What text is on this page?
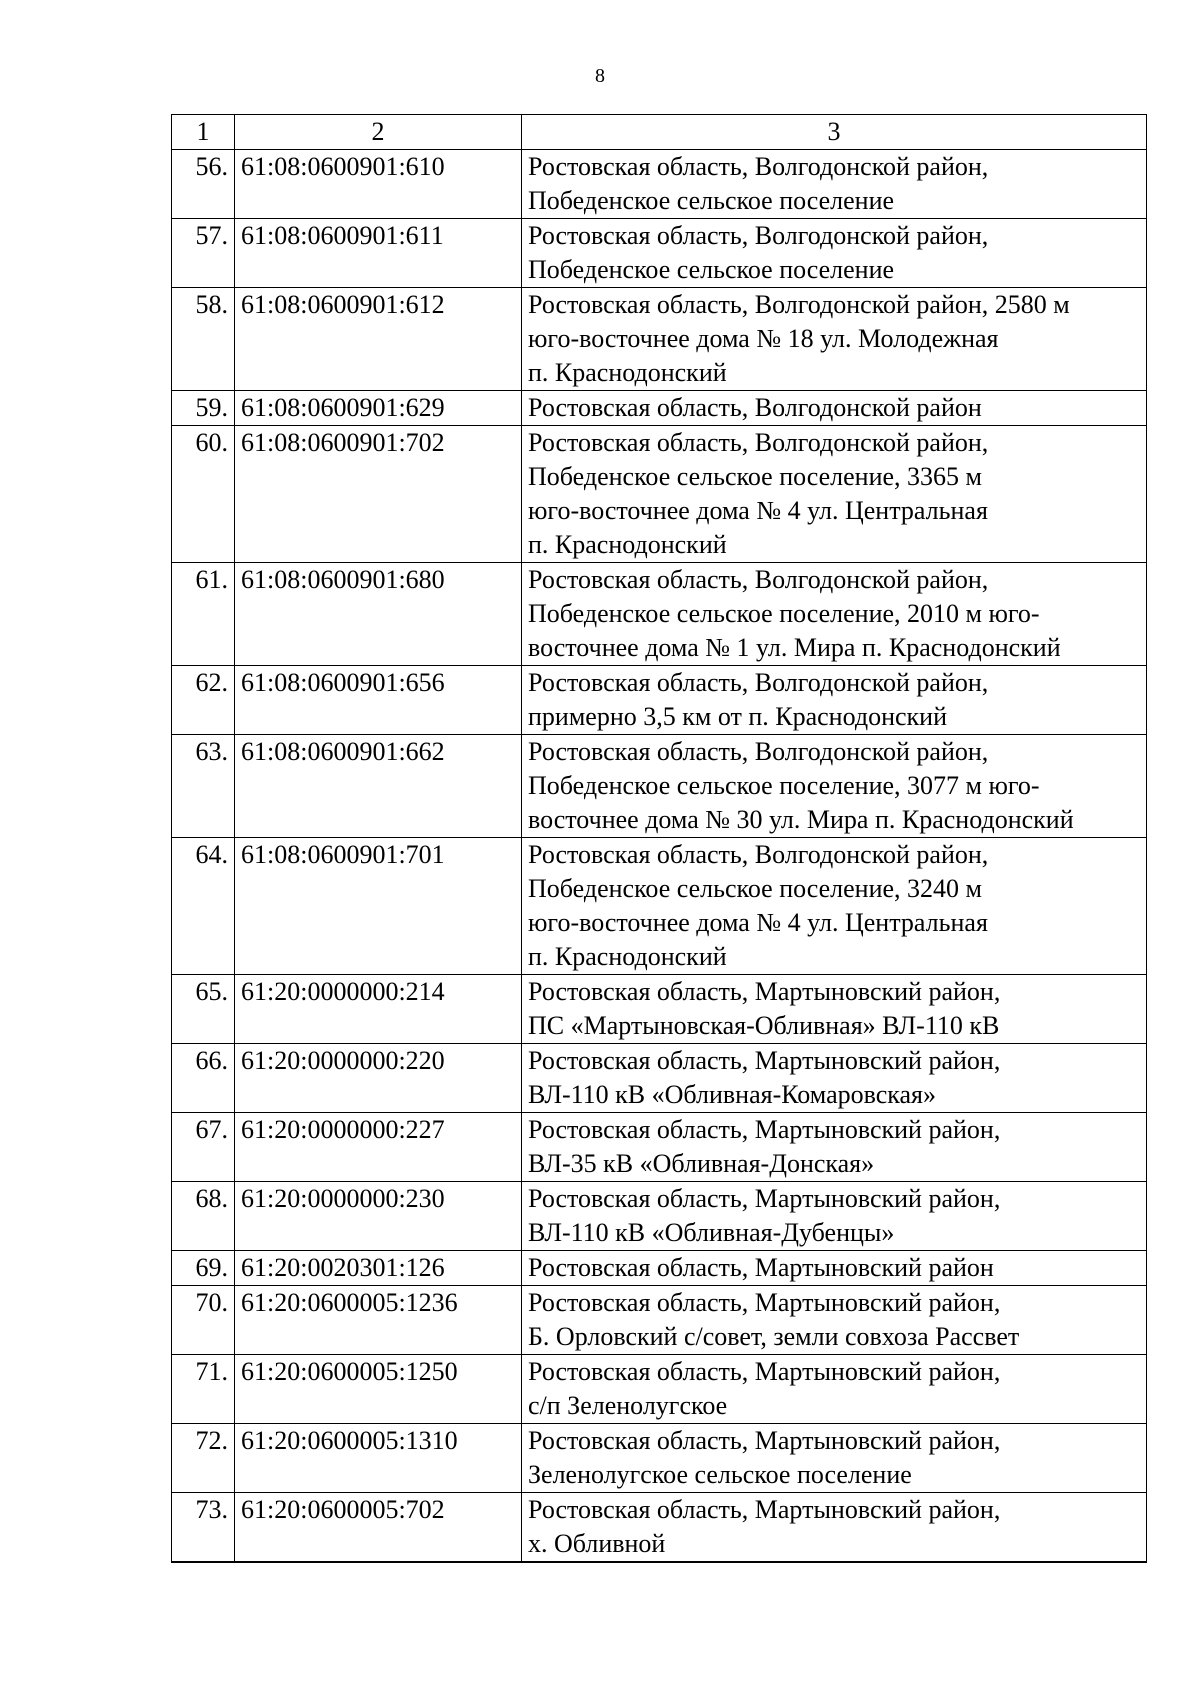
8
1	2	3
56.	61:08:0600901:610	Ростовская область, Волгодонской район,
Победенское сельское поселение

57.	61:08:0600901:611	Ростовская область, Волгодонской район,
Победенское сельское поселение

58.	61:08:0600901:612	Ростовская область, Волгодонской район, 2580 м
юго-восточнее дома № 18 ул. Молодежная
п. Краснодонский

59.	61:08:0600901:629	Ростовская область, Волгодонской район

60.	61:08:0600901:702	Ростовская область, Волгодонской район,
Победенское сельское поселение, 3365 м
юго-восточнее дома № 4 ул. Центральная
п. Краснодонский

61.	61:08:0600901:680	Ростовская область, Волгодонской район,
Победенское сельское поселение, 2010 м юго-
восточнее дома № 1 ул. Мира п. Краснодонский

62.	61:08:0600901:656	Ростовская область, Волгодонской район,
примерно 3,5 км от п. Краснодонский

63.	61:08:0600901:662	Ростовская область, Волгодонской район,
Победенское сельское поселение, 3077 м юго-
восточнее дома № 30 ул. Мира п. Краснодонский

64.	61:08:0600901:701	Ростовская область, Волгодонской район,
Победенское сельское поселение, 3240 м
юго-восточнее дома № 4 ул. Центральная
п. Краснодонский

65.	61:20:0000000:214	Ростовская область, Мартыновский район,
ПС «Мартыновская-Обливная» ВЛ-110 кВ

66.	61:20:0000000:220	Ростовская область, Мартыновский район,
ВЛ-110 кВ «Обливная-Комаровская»

67.	61:20:0000000:227	Ростовская область, Мартыновский район,
ВЛ-35 кВ «Обливная-Донская»

68.	61:20:0000000:230	Ростовская область, Мартыновский район,
ВЛ-110 кВ «Обливная-Дубенцы»

69.	61:20:0020301:126	Ростовская область, Мартыновский район

70.	61:20:0600005:1236	Ростовская область, Мартыновский район,
Б. Орловский с/совет, земли совхоза Рассвет

71.	61:20:0600005:1250	Ростовская область, Мартыновский район,
с/п Зеленолугское

72.	61:20:0600005:1310	Ростовская область, Мартыновский район,
Зеленолугское сельское поселение

73.	61:20:0600005:702	Ростовская область, Мартыновский район,
х. Обливной
